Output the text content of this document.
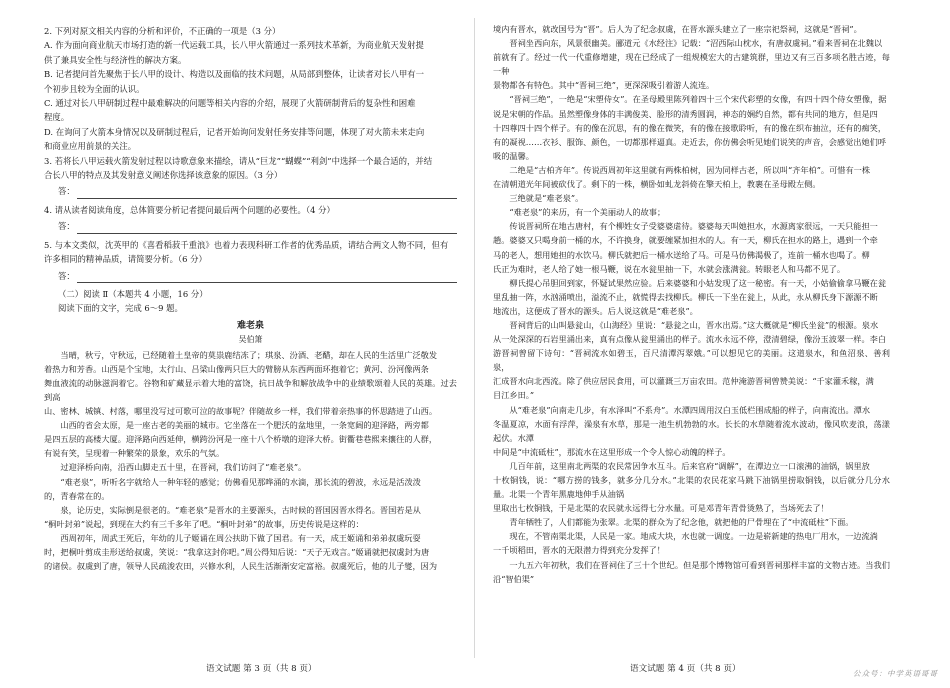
2. 下列对原文相关内容的分析和评价，不正确的一项是（3 分）

A. 作为面向商业航天市场打造的新一代运载工具，长八甲火箭通过一系列技术革新，为商业航天发射提

供了兼具安全性与经济性的解决方案。

B. 记者提问首先聚焦于长八甲的设计、构造以及面临的技术问题，从局部到整体，让读者对长八甲有一

个初步且较为全面的认识。

C. 通过对长八甲研制过程中最难解决的问题等相关内容的介绍，展现了火箭研制背后的复杂性和困难

程度。

D. 在询问了火箭本身情况以及研制过程后，记者开始询问发射任务安排等问题，体现了对火箭未来走向

和商业应用前景的关注。

3. 若将长八甲运载火箭发射过程以诗歌意象来描绘，请从“巨龙”“蝴蝶”“利剑”中选择一个最合适的，并结

合长八甲的特点及其发射意义阐述你选择该意象的原因。（3 分）

答：

4. 请从读者阅读角度，总体简要分析记者提问最后两个问题的必要性。（4 分）

答：

5. 与本文类似，沈英甲的《喜看稻菽千重浪》也着力表现科研工作者的优秀品质，请结合两文人物不同，但有

许多相同的精神品质，请简要分析。（6 分）

答：

（二）阅读 Ⅱ（本题共 4 小题，16 分）

阅读下面的文字，完成 6～9 题。

难老泉

吴伯箫

当晴，秋亏，守秋远，已经随着土皇帝的莫祟鹿结冻了；琪泉、汾酒、老醋，却在人民的生活里广泛敬发

着热力和芳香。山西是个宝地，太行山、吕梁山像两只巨大的臂膀从东西两面环抱着它；黄河、汾河像两条

舞血液流的动脉滋润着它。谷物和矿藏显示着大地的富饶，抗日战争和解放战争中的业绩歌颂着人民的英雄。过去到高

山、密林、城镇、村落，哪里没写过可歌可泣的故事呢？伴随故乡一样，我们带着亲热事的怀思踏进了山西。

山西的省会太原，是一座古老的美丽的城市。它坐落在一个肥沃的盆地里，一条宽阔的迎泽路，两旁都

是四五层的高楼大厦。迎泽路向西延伸，横跨汾河是一座十八个桥墩的迎泽大桥。街衢巷巷熙来攘往的人群，

有说有笑，呈现着一种繁荣的景象，欢乐的气氛。

过迎泽桥向南，沿西山脚走五十里，在晋祠，我们访问了“难老泉”。

“难老泉”，听听名字就给人一种年轻的感觉；仿佛看见那哗涌的水滴，那长流的碧波，永远是活泼泼

的，青春常在的。

泉，论历史，实际倒是很老的。“难老泉”是晋水的主要源头，古时候的晋国因晋水得名。晋国若是从

“桐叶封弟”说起，到现在大约有三千多年了吧。“桐叶封弟”的故事，历史传说是这样的：

西周初年，周武王死后，年幼的儿子姬诵在周公扶助下做了国君。有一天，成王姬诵和弟弟叔虞玩耍

时，把桐叶剪成圭形送给叔虞，笑说：“我拿这封你吧。”周公得知后说：“天子无戏言。”姬诵就把叔虞封为唐

的诸侯。叔虞到了唐，领导人民疏浚农田，兴修水利，人民生活渐渐安定富裕。叔虞死后，他的儿子燮，因为

境内有晋水，就改国号为“晋”。后人为了纪念叔虞，在晋水源头建立了一座宗祀祭祠，这就是“晋祠”。

晋祠坐西向东，风景很幽美。郦道元《水经注》记载：“沼西际山枕水，有唐叔虞祠。”看来晋祠在北魏以

前就有了。经过一代一代重修增建，现在已经成了一组规模宏大的古建筑群，里边又有三百多项名胜古迹，每一种

景物都各有特色。其中“晋祠三绝”，更深深吸引着游人流连。

“晋祠三绝”，一绝是“宋塑侍女”。在圣母殿里陈列着四十三个宋代彩塑的女像，有四十四个侍女塑像，据

说是宋朝的作品。虽然塑像身体的丰满俊美、脸形的清秀圆润，神态的娴约自然，都有共同的地方，但是四

十四尊四十四个样子。有的像在沉思，有的像在微笑，有的像在接歌聆听，有的像在织布抽泣，还有的痴笑，

有的凝视……衣衫、服饰、颜色，一切都那样逼真。走近去，你仿佛会听见她们说笑的声音，会感觉出她们呼

吸的温馨。

二绝是“古柏齐年”。传说西周初年这里就有两株柏树，因为同样古老，所以叫“齐年柏”。可惜有一株

在清朝道光年间被砍伐了。剩下的一株，横卧如虬龙斜倚在擎天柏上，教裹在圣母殿左侧。

三绝就是“难老泉”。

“难老泉”的来历，有一个美丽动人的故事；

传说晋祠所在地古唐村，有个柳姓女子受婆婆虐待。婆婆每天叫她担水，水源离家很远，一天只能担一

趟。婆婆又只喝身前一桶的水，不许换身，就要缠紧加担水的人。有一天，柳氏在担水的路上，遇到一个牵

马的老人，想用她担的水饮马。柳氏就把后一桶水送给了马。可是马仿佛渴极了，连前一桶水也喝了。柳

氏正为难时，老人给了她一根马鞭，说在水瓮里抽一下，水就会涨满瓮。转眼老人和马都不见了。

柳氏提心吊胆回到家，怀疑试果然应验。后来婆婆和小姑发现了这一秘密。有一天，小姑偷偷拿马鞭在瓮

里乱抽一阵，水汹涌喷出，溢流不止，就慌得去找柳氏。柳氏一下坐在瓮上，从此，永从柳氏身下源源不断

地流出，这便成了晋水的源头。后人说这就是“难老泉”。

晋祠背后的山叫悬瓮山，《山海经》里说：“悬瓮之山，晋水出焉。”这大概就是“柳氏坐瓮”的根源。泉水

从一处深深的石岩里涌出来，真有点像从瓮里涌出的样子。流水永远不停，澄清碧绿，像汾玉波翠一样。李白

游晋祠曾留下诗句：“晋祠流水如碧玉，百尺清潭泻翠娥。”可以想见它的美丽。这道泉水，和鱼沼泉、善利泉，

汇成晋水向北西流。除了供应居民食用，可以灌溉三万亩农田。范仲淹游晋祠曾赞美说：“千家灌禾稼，满

目江乡田。”

从“难老泉”向南走几步，有水泽叫“不系舟”。水潭四周用汉白玉低栏围成船的样子，向南流出。潭水

冬温夏凉，水面有浮萍，澡泉有水草，那是一池生机勃勃的水。长长的水草随着流水波动，像风吹麦浪，荡漾起伏。水潭

中间是“中流砥柱”，那流水在这里形成一个令人惊心动魄的样子。

几百年前，这里南北两渠的农民常因争水互斗。后来官府“调解”，在潭边立一口滚沸的油锅，锅里放

十枚铜钱，说：“哪方捞的钱多，就多分几分水。”北渠的农民花家马跳下油锅里捞取铜钱，以后就分几分水量。北渠一个青年黑鹿地伸手从油锅

里取出七枚铜钱，于是北渠的农民就永远得七分水量。可是邓青年青骨烫熟了，当场死去了！

青年牺牲了，人们都能为张翠。北渠的群众为了纪念他，就把他的尸骨埋在了“中流砥柱”下面。

现在，不管南渠北渠，人民是一家。地成大块，水也就一调度。一边是崭新建的热电厂用水，一边流淌

一千顷稻田，晋水的无限潜力得到充分发挥了！

一九五六年初秋，我们在晋祠住了三十个世纪。但是那个博物馆可看到晋祠那样丰富的文物古迹。当我们沿“智伯渠”

语文试题 第 3 页（共 8 页）	语文试题 第 4 页（共 8 页）	公众号：中学英语哥哥
